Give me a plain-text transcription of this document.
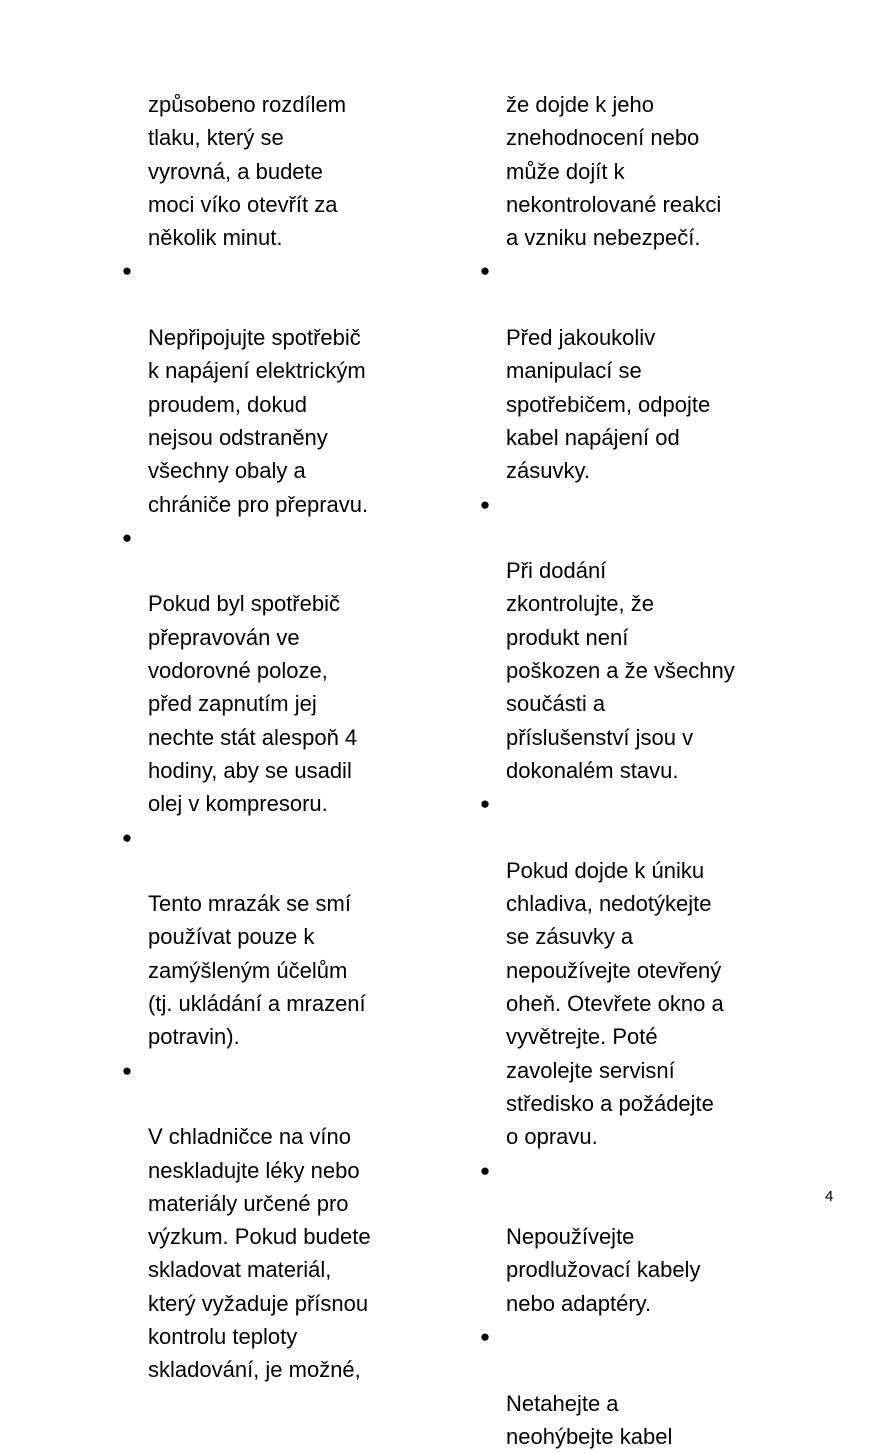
způsobeno rozdílem
tlaku, který se
vyrovná, a budete
moci víko otevřít za
několik minut.

●

Nepřipojujte spotřebič
k napájení elektrickým
proudem, dokud
nejsou odstraněny
všechny obaly a
chrániče pro přepravu.

●

Pokud byl spotřebič
přepravován ve
vodorovné poloze,
před zapnutím jej
nechte stát alespoň 4
hodiny, aby se usadil
olej v kompresoru.

●

Tento mrazák se smí
používat pouze k
zamýšleným účelům
(tj. ukládání a mrazení
potravin).

●

V chladničce na víno
neskladujte léky nebo
materiály určené pro
výzkum. Pokud budete
skladovat materiál,
který vyžaduje přísnou
kontrolu teploty
skladování, je možné,

že dojde k jeho
znehodnocení nebo
může dojít k
nekontrolované reakci
a vzniku nebezpečí.

●

Před jakoukoliv
manipulací se
spotřebičem, odpojte
kabel napájení od
zásuvky.

●

Při dodání
zkontrolujte, že
produkt není
poškozen a že všechny
součásti a
příslušenství jsou v
dokonalém stavu.

●

Pokud dojde k úniku
chladiva, nedotýkejte
se zásuvky a
nepoužívejte otevřený
oheň. Otevřete okno a
vyvětrejte. Poté
zavolejte servisní
středisko a požádejte
o opravu.

●

Nepoužívejte
prodlužovací kabely
nebo adaptéry.

●

Netahejte a
neohýbejte kabel

4
